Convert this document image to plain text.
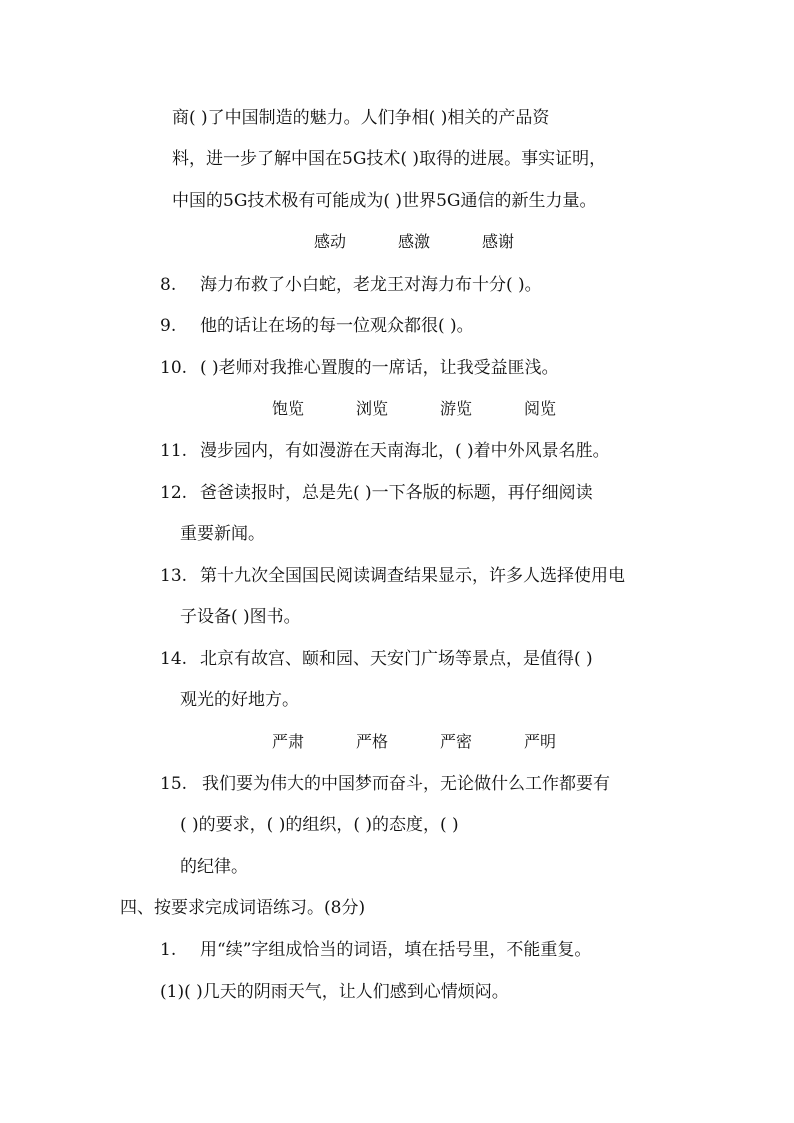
商( )了中国制造的魅力。人们争相( )相关的产品资
料，进一步了解中国在5G技术( )取得的进展。事实证明，
中国的5G技术极有可能成为( )世界5G通信的新生力量。
感动	感激	感谢
8. 海力布救了小白蛇，老龙王对海力布十分( )。
9. 他的话让在场的每一位观众都很( )。
10. ( )老师对我推心置腹的一席话，让我受益匪浅。
饱览	浏览	游览	阅览
11. 漫步园内，有如漫游在天南海北，( )着中外风景名胜。
12. 爸爸读报时，总是先( )一下各版的标题，再仔细阅读
重要新闻。
13. 第十九次全国国民阅读调查结果显示，许多人选择使用电
子设备( )图书。
14. 北京有故宫、颐和园、天安门广场等景点，是值得( )
观光的好地方。
严肃	严格	严密	严明
15. 我们要为伟大的中国梦而奋斗，无论做什么工作都要有
( )的要求，( )的组织，( )的态度，( )
的纪律。
四、按要求完成词语练习。(8分)
1. 用“续”字组成恰当的词语，填在括号里，不能重复。
(1)( )几天的阴雨天气，让人们感到心情烦闷。
